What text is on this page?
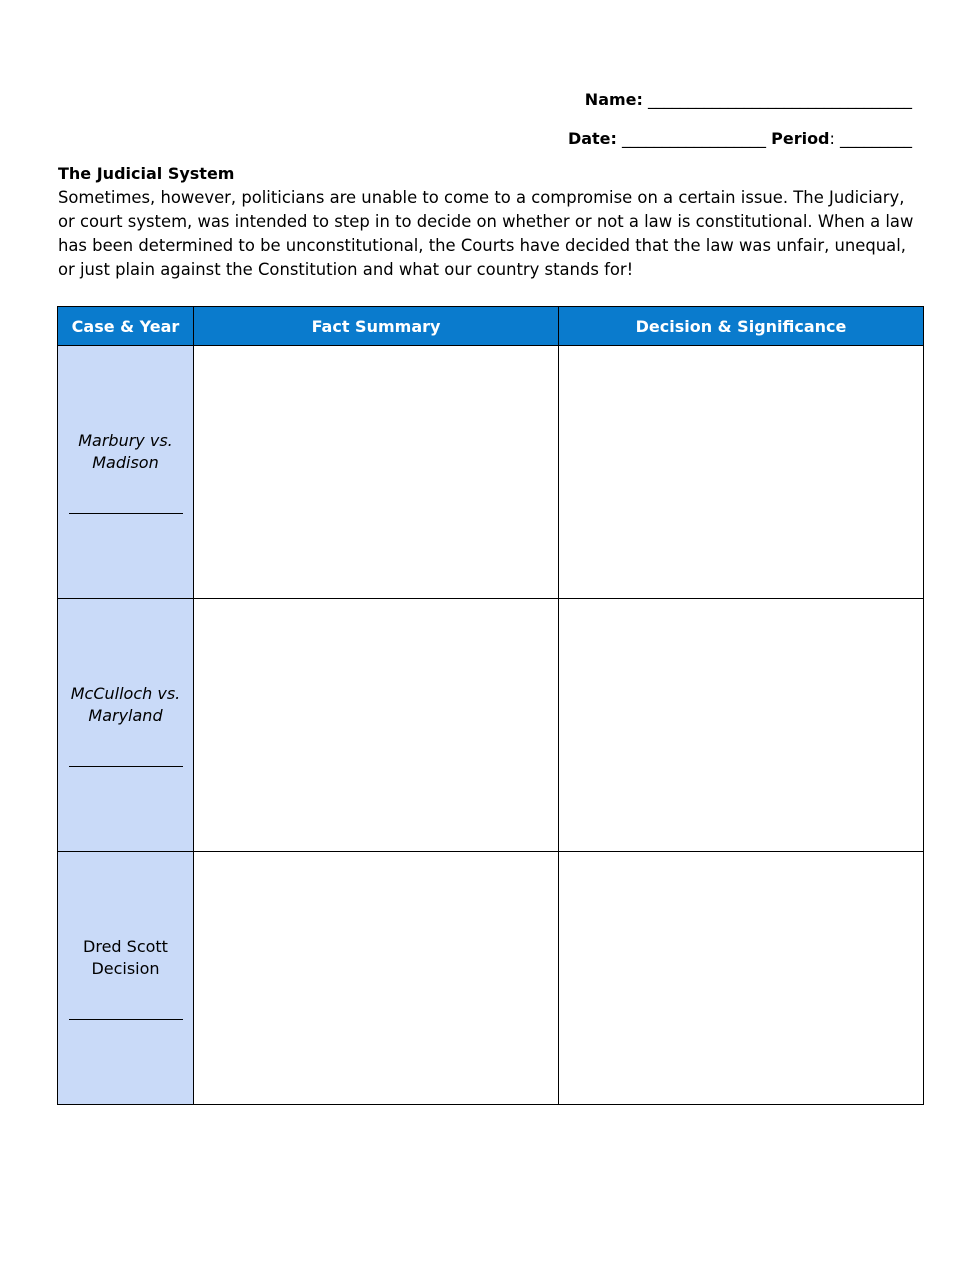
Name: _________________________________
Date: __________________ Period: _________
The Judicial System
Sometimes, however, politicians are unable to come to a compromise on a certain issue. The Judiciary, or court system, was intended to step in to decide on whether or not a law is constitutional. When a law has been determined to be unconstitutional, the Courts have decided that the law was unfair, unequal, or just plain against the Constitution and what our country stands for!
Case & Year	Fact Summary	Decision & Significance

Marbury vs. Madison		

McCulloch vs. Maryland		

Dred Scott Decision		
